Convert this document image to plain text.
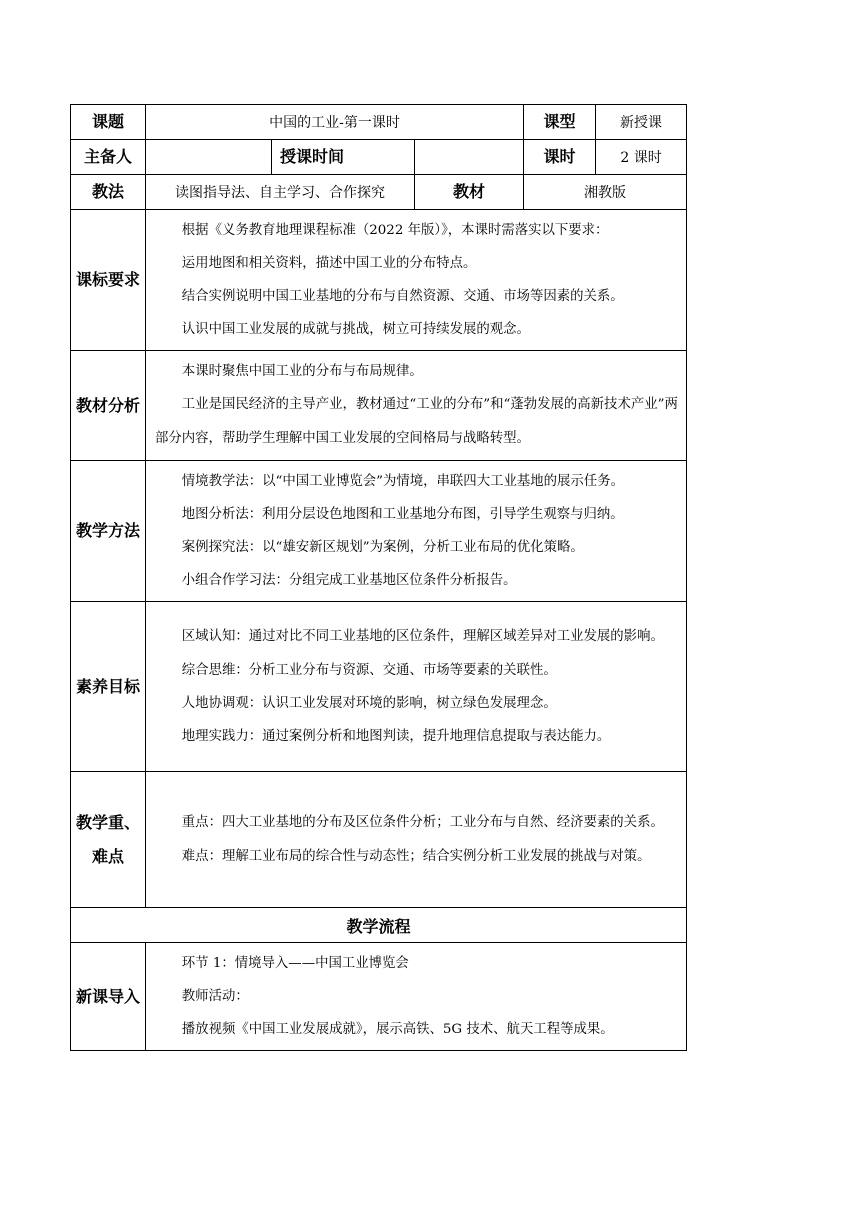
课题	中国的工业-第一课时			课型	新授课
主备人		授课时间		课时	2 课时
教法	读图指导法、自主学习、合作探究		教材	湘教版	
课标要求	根据《义务教育地理课程标准（2022 年版）》，本课时需落实以下要求：

运用地图和相关资料，描述中国工业的分布特点。

结合实例说明中国工业基地的分布与自然资源、交通、市场等因素的关系。

认识中国工业发展的成就与挑战，树立可持续发展的观念。				

教材分析	本课时聚焦中国工业的分布与布局规律。

工业是国民经济的主导产业，教材通过“工业的分布”和“蓬勃发展的高新技术产业”两部分内容，帮助学生理解中国工业发展的空间格局与战略转型。				

教学方法	情境教学法：以“中国工业博览会”为情境，串联四大工业基地的展示任务。

地图分析法：利用分层设色地图和工业基地分布图，引导学生观察与归纳。

案例探究法：以“雄安新区规划”为案例，分析工业布局的优化策略。

小组合作学习法：分组完成工业基地区位条件分析报告。				

素养目标	区域认知：通过对比不同工业基地的区位条件，理解区域差异对工业发展的影响。

综合思维：分析工业分布与资源、交通、市场等要素的关联性。

人地协调观：认识工业发展对环境的影响，树立绿色发展理念。

地理实践力：通过案例分析和地图判读，提升地理信息提取与表达能力。				

教学重、难点	重点：四大工业基地的分布及区位条件分析；工业分布与自然、经济要素的关系。

难点：理解工业布局的综合性与动态性；结合实例分析工业发展的挑战与对策。				

教学流程					
新课导入	环节 1：情境导入——中国工业博览会

教师活动：

播放视频《中国工业发展成就》，展示高铁、5G 技术、航天工程等成果。				
